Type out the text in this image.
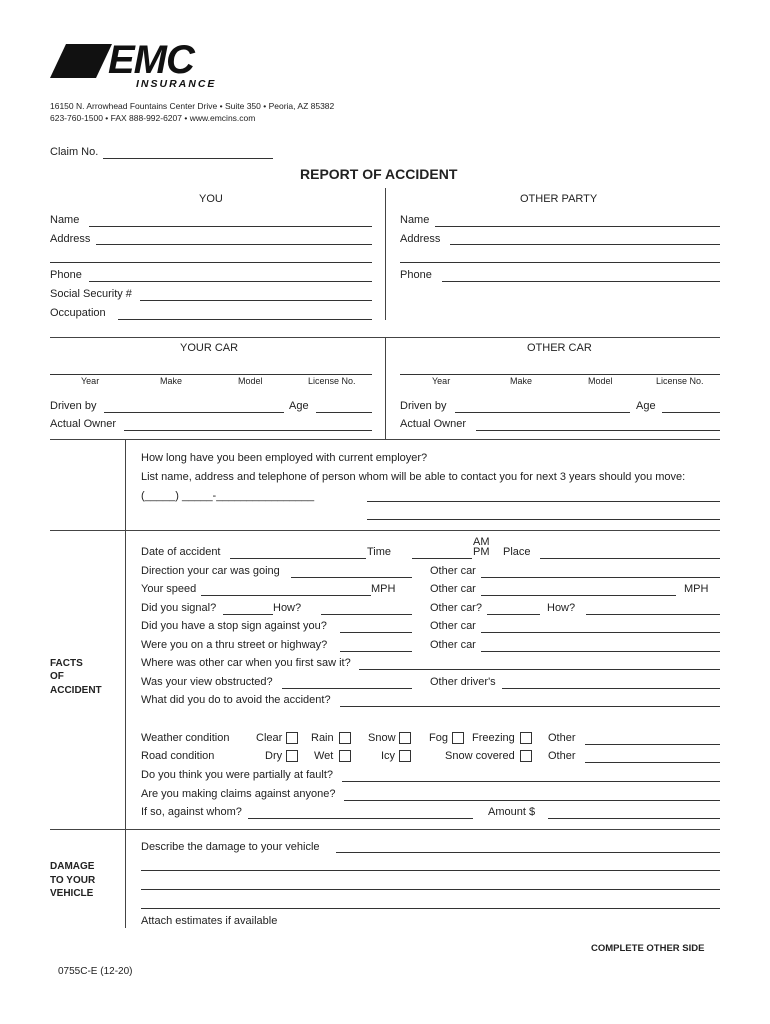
EMC
INSURANCE
16150 N. Arrowhead Fountains Center Drive • Suite 350 • Peoria, AZ 85382
623-760-1500 • FAX 888-992-6207 • www.emcins.com
Claim No.
REPORT OF ACCIDENT
YOU	OTHER PARTY
Name
Address
Phone
Social Security #
Occupation
Name
Address
Phone
YOUR CAR	OTHER CAR
Year	Make	Model	License No.	Year	Make	Model	License No.
Driven by	Age
Actual Owner
Driven by	Age
Actual Owner
How long have you been employed with current employer?
List name, address and telephone of person whom will be able to contact you for next 3 years should you move:
(_____) _____-________________
FACTS
OF
ACCIDENT
Date of accident	Time
AM
PM Place
Direction your car was going	Other car
Your speed	MPH	Other car	MPH
Did you signal?	How?	Other car?	How?
Did you have a stop sign against you?	Other car
Were you on a thru street or highway?	Other car
Where was other car when you first saw it?
Was your view obstructed?	Other driver's
What did you do to avoid the accident?
Weather condition Clear	Rain	Snow	Fog Freezing	Other
Road condition	Dry	Wet	Icy	Snow covered	Other
Do you think you were partially at fault?
Are you making claims against anyone?
If so, against whom?	Amount $
DAMAGE
TO YOUR
VEHICLE
Describe the damage to your vehicle
Attach estimates if available
COMPLETE OTHER SIDE
0755C-E (12-20)
